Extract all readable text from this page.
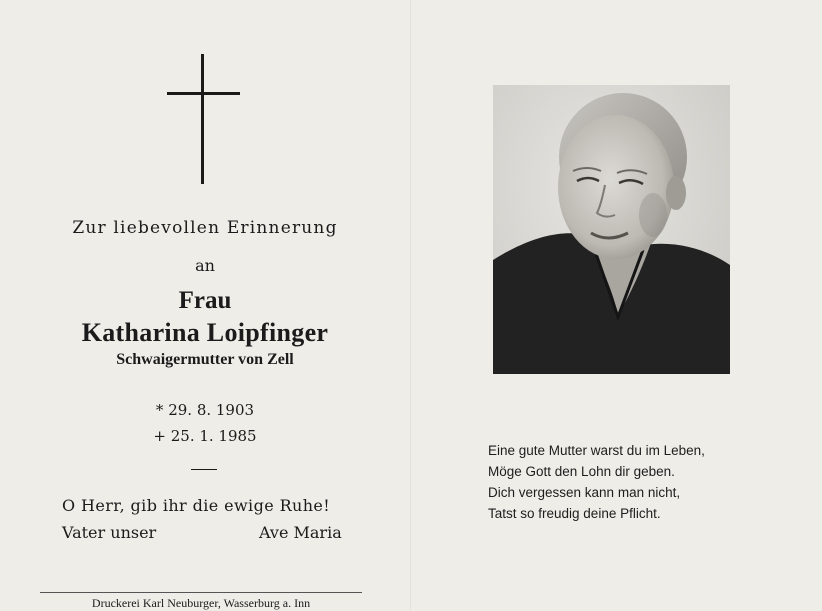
Zur liebevollen Erinnerung
an
Frau
Katharina Loipfinger
Schwaigermutter von Zell
* 29. 8. 1903
+ 25. 1. 1985
O Herr, gib ihr die ewige Ruhe!
Vater unser	Ave Maria
Druckerei Karl Neuburger, Wasserburg a. Inn
Eine gute Mutter warst du im Leben,
Möge Gott den Lohn dir geben.
Dich vergessen kann man nicht,
Tatst so freudig deine Pflicht.
